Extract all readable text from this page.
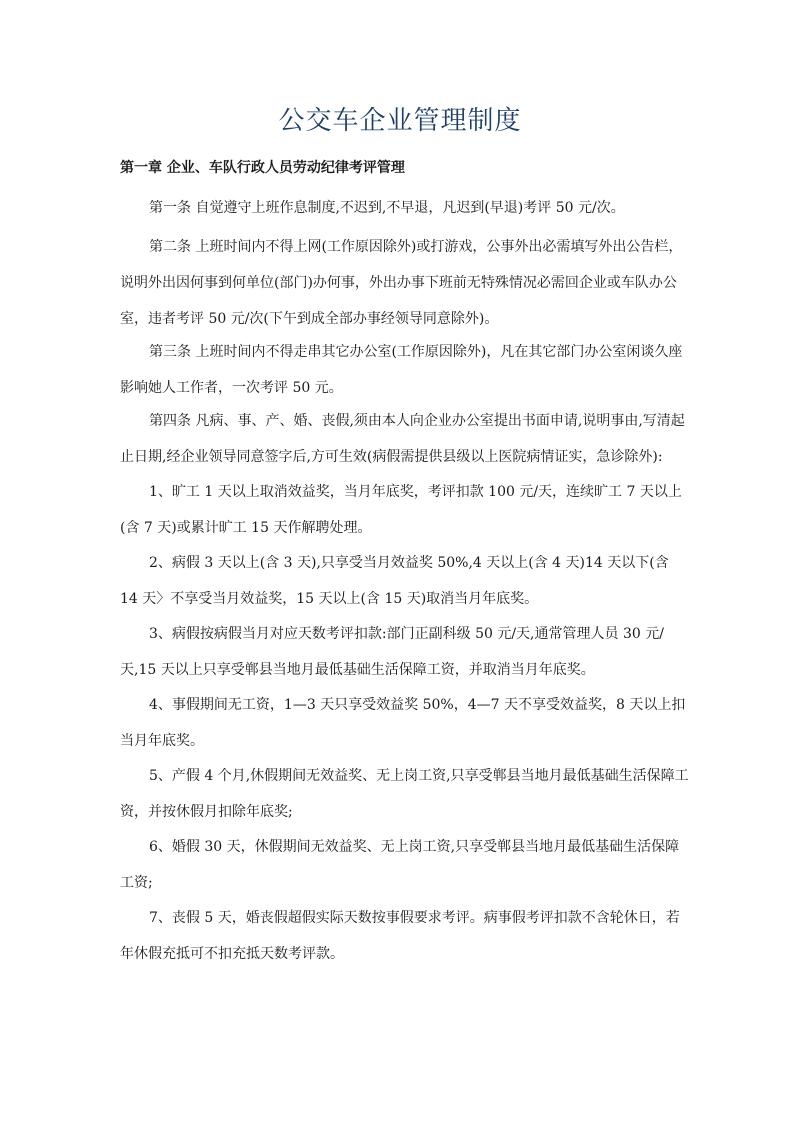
公交车企业管理制度

第一章 企业、车队行政人员劳动纪律考评管理

第一条 自觉遵守上班作息制度,不迟到,不早退，凡迟到(早退)考评 50 元/次。

第二条 上班时间内不得上网(工作原因除外)或打游戏，公事外出必需填写外出公告栏，说明外出因何事到何单位(部门)办何事，外出办事下班前无特殊情况必需回企业或车队办公室，违者考评 50 元/次(下午到成全部办事经领导同意除外)。

第三条 上班时间内不得走串其它办公室(工作原因除外)，凡在其它部门办公室闲谈久座影响她人工作者，一次考评 50 元。

第四条 凡病、事、产、婚、丧假,须由本人向企业办公室提出书面申请,说明事由,写清起止日期,经企业领导同意签字后,方可生效(病假需提供县级以上医院病情证实，急诊除外):

1、旷工 1 天以上取消效益奖，当月年底奖，考评扣款 100 元/天，连续旷工 7 天以上(含 7 天)或累计旷工 15 天作解聘处理。

2、病假 3 天以上(含 3 天),只享受当月效益奖 50%,4 天以上(含 4 天)14 天以下(含 14 天〉不享受当月效益奖，15 天以上(含 15 天)取消当月年底奖。

3、病假按病假当月对应天数考评扣款:部门正副科级 50 元/天,通常管理人员 30 元/天,15 天以上只享受郸县当地月最低基础生活保障工资，并取消当月年底奖。

4、事假期间无工资，1—3 天只享受效益奖 50%，4—7 天不享受效益奖，8 天以上扣当月年底奖。

5、产假 4 个月,休假期间无效益奖、无上岗工资,只享受郸县当地月最低基础生活保障工资，并按休假月扣除年底奖;

6、婚假 30 天，休假期间无效益奖、无上岗工资,只享受郸县当地月最低基础生活保障工资;

7、丧假 5 天，婚丧假超假实际天数按事假要求考评。病事假考评扣款不含轮休日，若年休假充抵可不扣充抵天数考评款。
